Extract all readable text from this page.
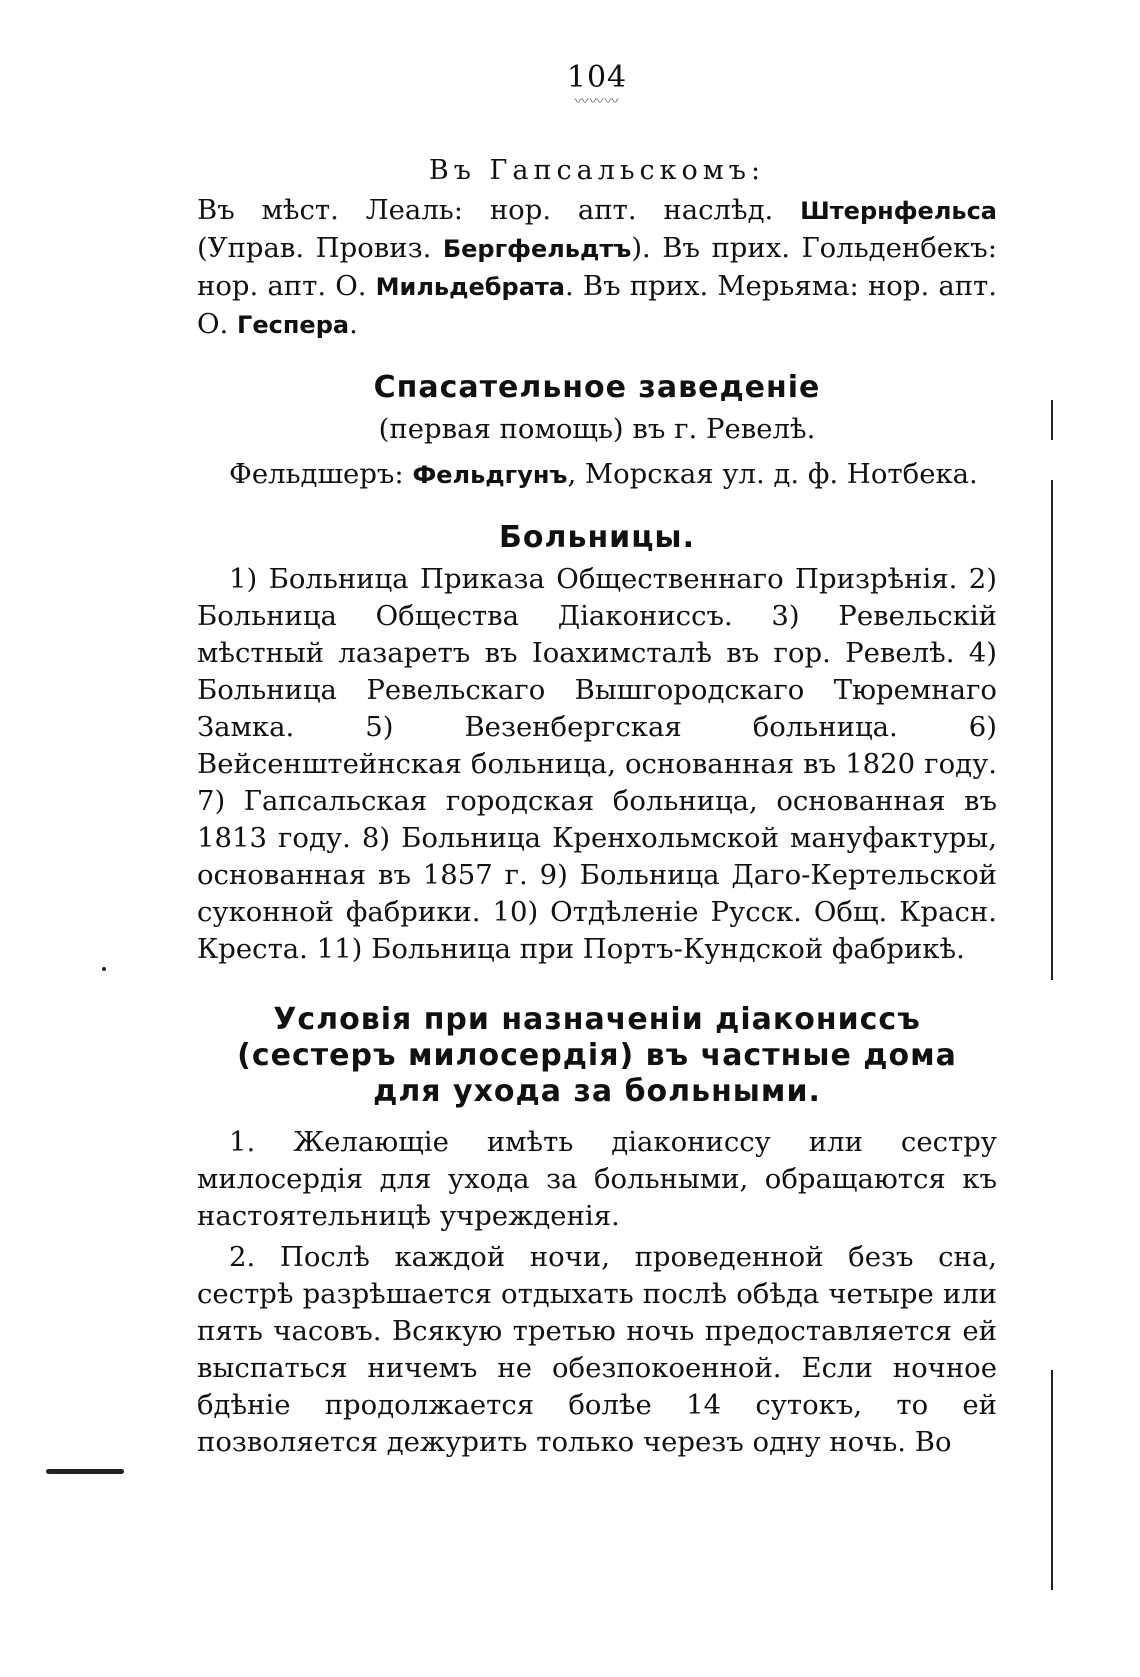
104
〰〰〰
Въ Гапсальскомъ:

Въ мѣст. Леаль: нор. апт. наслѣд. Штернфельса (Управ. Провиз. Бергфельдтъ). Въ прих. Гольденбекъ: нор. апт. О. Мильдебрата. Въ прих. Мерьяма: нор. апт. О. Геспера.

Спасательное заведенiе
(первая помощь) въ г. Ревелѣ.

Фельдшеръ: Фельдгунъ, Морская ул. д. ф. Нотбека.

Больницы.

1) Больница Приказа Общественнаго Призрѣнія. 2) Больница Общества Діакониссъ. 3) Ревельскій мѣстный лазаретъ въ Іоахимсталѣ въ гор. Ревелѣ. 4) Больница Ревельскаго Вышгородскаго Тюремнаго Замка. 5) Везенбергская больница. 6) Вейсенштейнская больница, основанная въ 1820 году. 7) Гапсальская городская больница, основанная въ 1813 году. 8) Больница Кренхольмской мануфактуры, основанная въ 1857 г. 9) Больница Даго-Кертельской суконной фабрики. 10) Отдѣленіе Русск. Общ. Красн. Креста. 11) Больница при Портъ-Кундской фабрикѣ.

Условія при назначеніи діакониссъ
(сестеръ милосердія) въ частные дома
для ухода за больными.

1. Желающіе имѣть діакониссу или сестру милосердія для ухода за больными, обращаются къ настоятельницѣ учрежденія.

2. Послѣ каждой ночи, проведенной безъ сна, сестрѣ разрѣшается отдыхать послѣ обѣда четыре или пять часовъ. Всякую третью ночь предоставляется ей выспаться ничемъ не обезпокоенной. Если ночное бдѣніе продолжается болѣе 14 сутокъ, то ей позволяется дежурить только черезъ одну ночь. Во
